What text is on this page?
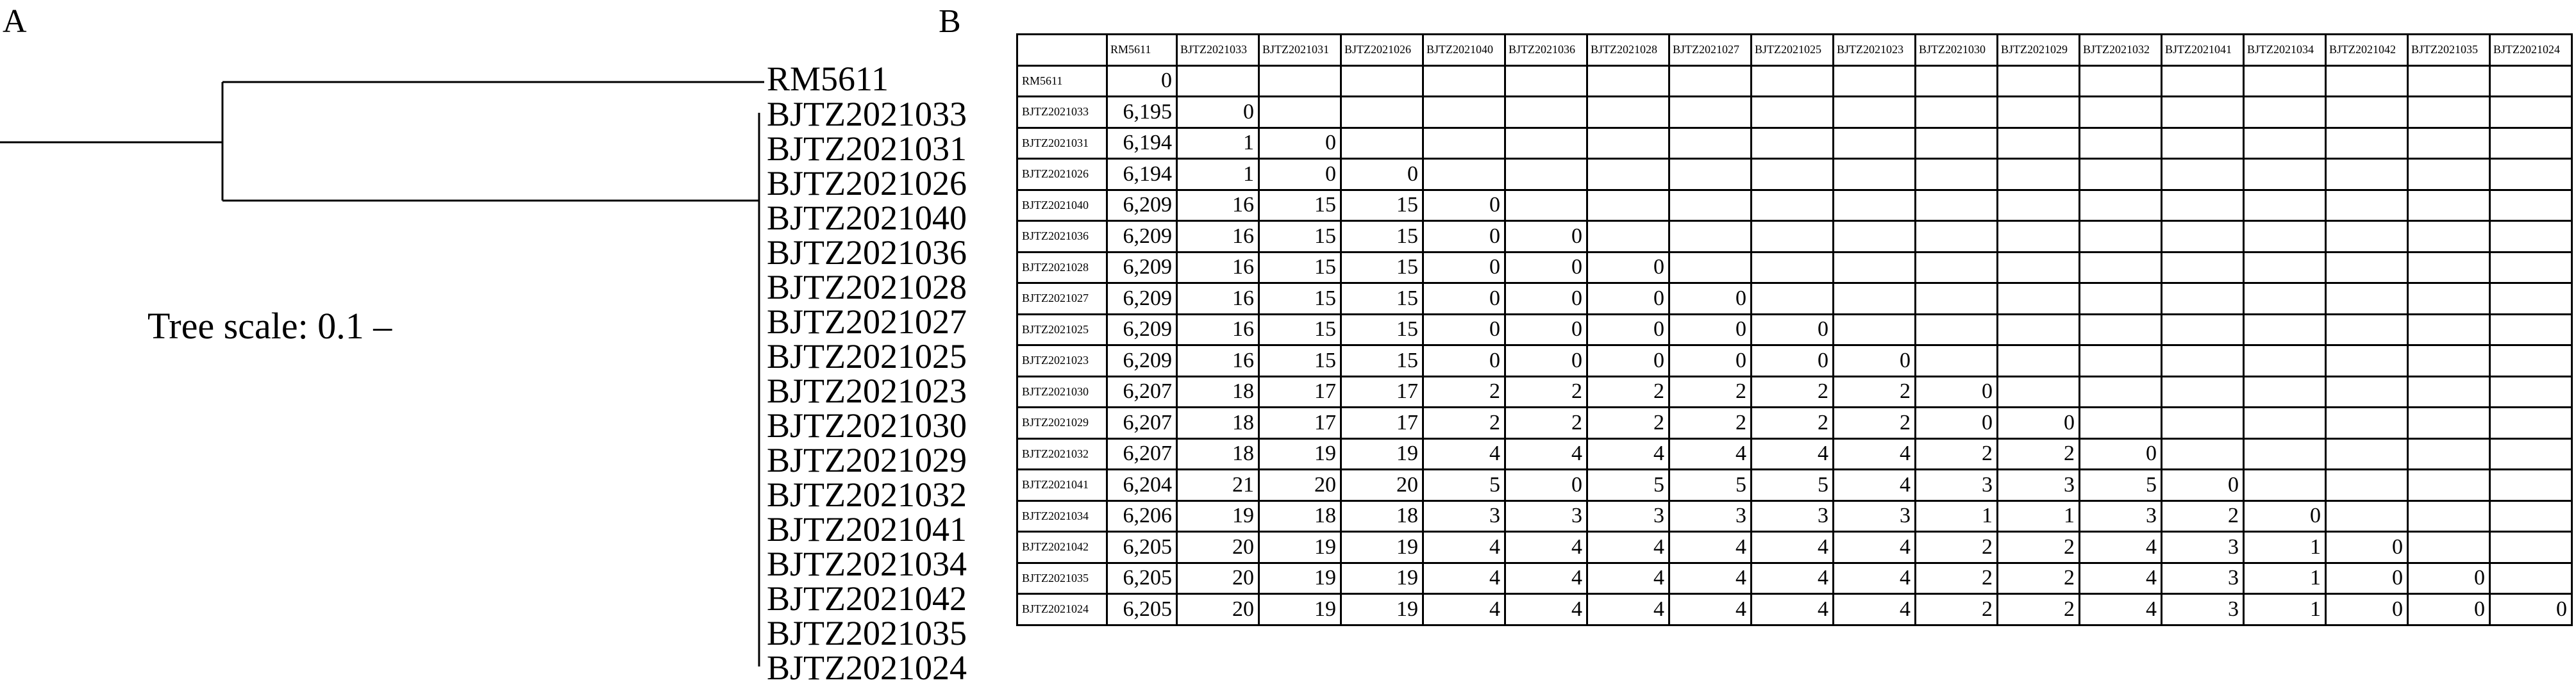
A	B
RM5611
BJTZ2021033
BJTZ2021031
BJTZ2021026
BJTZ2021040
BJTZ2021036
BJTZ2021028
BJTZ2021027
BJTZ2021025
BJTZ2021023
BJTZ2021030
BJTZ2021029
BJTZ2021032
BJTZ2021041
BJTZ2021034
BJTZ2021042
BJTZ2021035
BJTZ2021024
Tree scale: 0.1 –
	RM5611	BJTZ2021033	BJTZ2021031	BJTZ2021026	BJTZ2021040	BJTZ2021036	BJTZ2021028	BJTZ2021027	BJTZ2021025	BJTZ2021023	BJTZ2021030	BJTZ2021029	BJTZ2021032	BJTZ2021041	BJTZ2021034	BJTZ2021042	BJTZ2021035	BJTZ2021024
RM5611	0																	
BJTZ2021033	6,195	0																
BJTZ2021031	6,194	1	0															
BJTZ2021026	6,194	1	0	0														
BJTZ2021040	6,209	16	15	15	0													
BJTZ2021036	6,209	16	15	15	0	0												
BJTZ2021028	6,209	16	15	15	0	0	0											
BJTZ2021027	6,209	16	15	15	0	0	0	0										
BJTZ2021025	6,209	16	15	15	0	0	0	0	0									
BJTZ2021023	6,209	16	15	15	0	0	0	0	0	0								
BJTZ2021030	6,207	18	17	17	2	2	2	2	2	2	0							
BJTZ2021029	6,207	18	17	17	2	2	2	2	2	2	0	0						
BJTZ2021032	6,207	18	19	19	4	4	4	4	4	4	2	2	0					
BJTZ2021041	6,204	21	20	20	5	0	5	5	5	4	3	3	5	0				
BJTZ2021034	6,206	19	18	18	3	3	3	3	3	3	1	1	3	2	0			
BJTZ2021042	6,205	20	19	19	4	4	4	4	4	4	2	2	4	3	1	0		
BJTZ2021035	6,205	20	19	19	4	4	4	4	4	4	2	2	4	3	1	0	0	
BJTZ2021024	6,205	20	19	19	4	4	4	4	4	4	2	2	4	3	1	0	0	0
